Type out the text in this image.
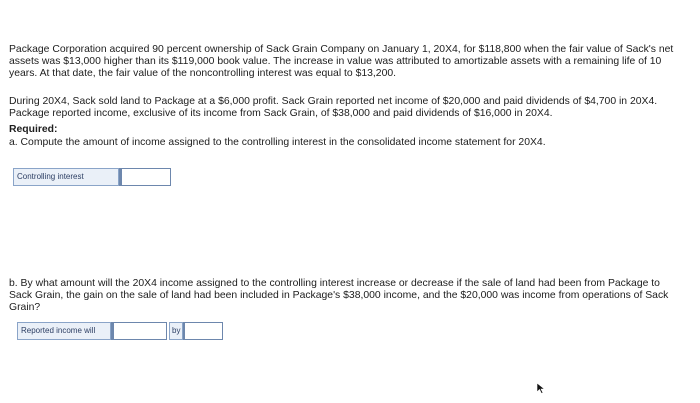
Package Corporation acquired 90 percent ownership of Sack Grain Company on January 1, 20X4, for $118,800 when the fair value of Sack's net assets was $13,000 higher than its $119,000 book value. The increase in value was attributed to amortizable assets with a remaining life of 10 years. At that date, the fair value of the noncontrolling interest was equal to $13,200.
During 20X4, Sack sold land to Package at a $6,000 profit. Sack Grain reported net income of $20,000 and paid dividends of $4,700 in 20X4. Package reported income, exclusive of its income from Sack Grain, of $38,000 and paid dividends of $16,000 in 20X4.
Required:
a. Compute the amount of income assigned to the controlling interest in the consolidated income statement for 20X4.
Controlling interest
b. By what amount will the 20X4 income assigned to the controlling interest increase or decrease if the sale of land had been from Package to Sack Grain, the gain on the sale of land had been included in Package's $38,000 income, and the $20,000 was income from operations of Sack Grain?
Reported income will	by
